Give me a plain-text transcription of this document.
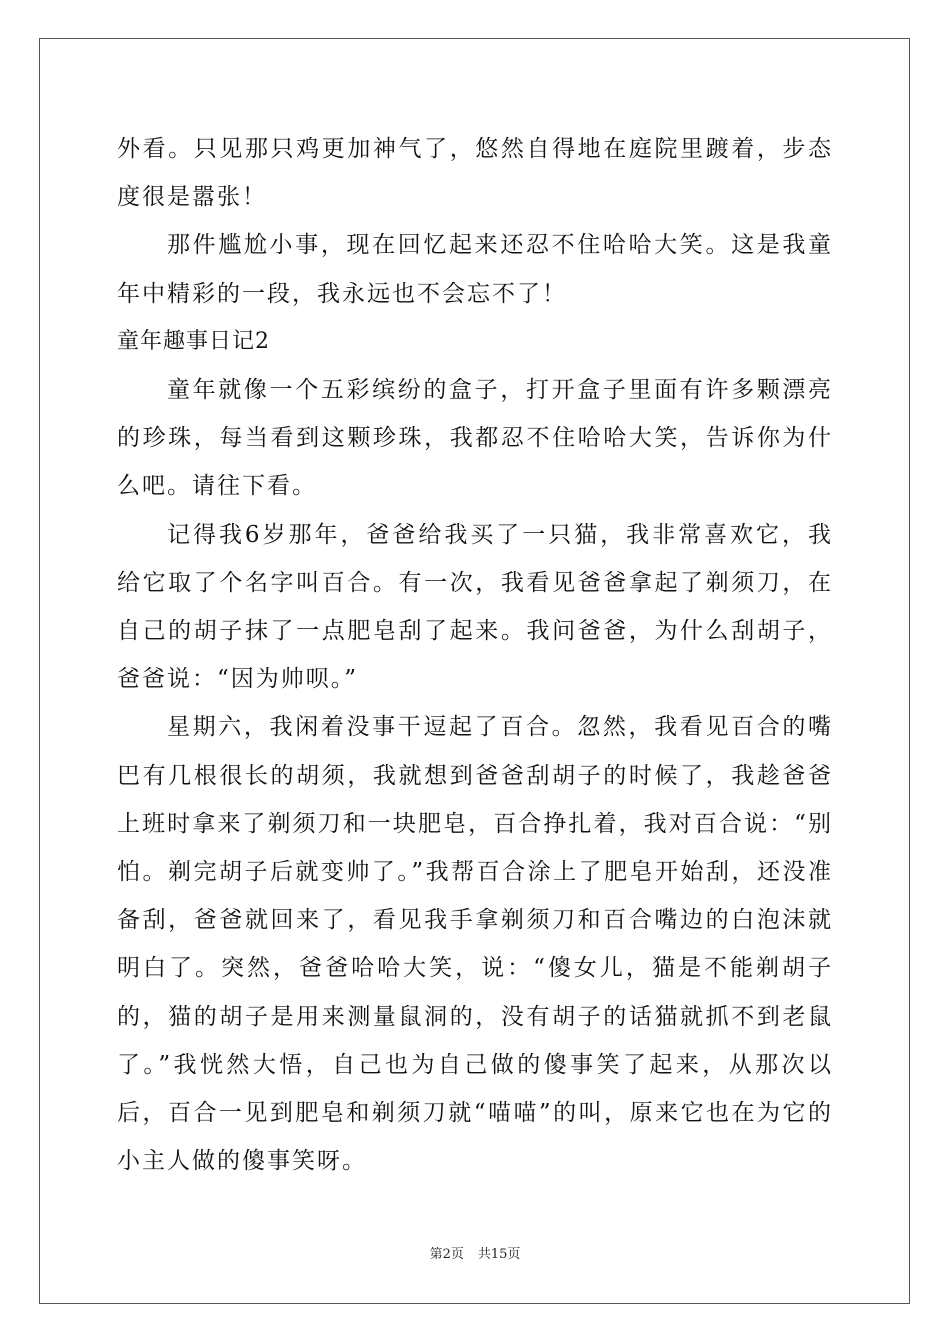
外看。只见那只鸡更加神气了，悠然自得地在庭院里踱着，步态度很是嚣张！

那件尴尬小事，现在回忆起来还忍不住哈哈大笑。这是我童年中精彩的一段，我永远也不会忘不了！

童年趣事日记2

童年就像一个五彩缤纷的盒子，打开盒子里面有许多颗漂亮的珍珠，每当看到这颗珍珠，我都忍不住哈哈大笑，告诉你为什么吧。请往下看。

记得我6岁那年，爸爸给我买了一只猫，我非常喜欢它，我给它取了个名字叫百合。有一次，我看见爸爸拿起了剃须刀，在自己的胡子抹了一点肥皂刮了起来。我问爸爸，为什么刮胡子，爸爸说：“因为帅呗。”

星期六，我闲着没事干逗起了百合。忽然，我看见百合的嘴巴有几根很长的胡须，我就想到爸爸刮胡子的时候了，我趁爸爸上班时拿来了剃须刀和一块肥皂，百合挣扎着，我对百合说：“别怕。剃完胡子后就变帅了。”我帮百合涂上了肥皂开始刮，还没准备刮，爸爸就回来了，看见我手拿剃须刀和百合嘴边的白泡沫就明白了。突然，爸爸哈哈大笑，说：“傻女儿，猫是不能剃胡子的，猫的胡子是用来测量鼠洞的，没有胡子的话猫就抓不到老鼠了。”我恍然大悟，自己也为自己做的傻事笑了起来，从那次以后，百合一见到肥皂和剃须刀就“喵喵”的叫，原来它也在为它的小主人做的傻事笑呀。

第2页 共15页
